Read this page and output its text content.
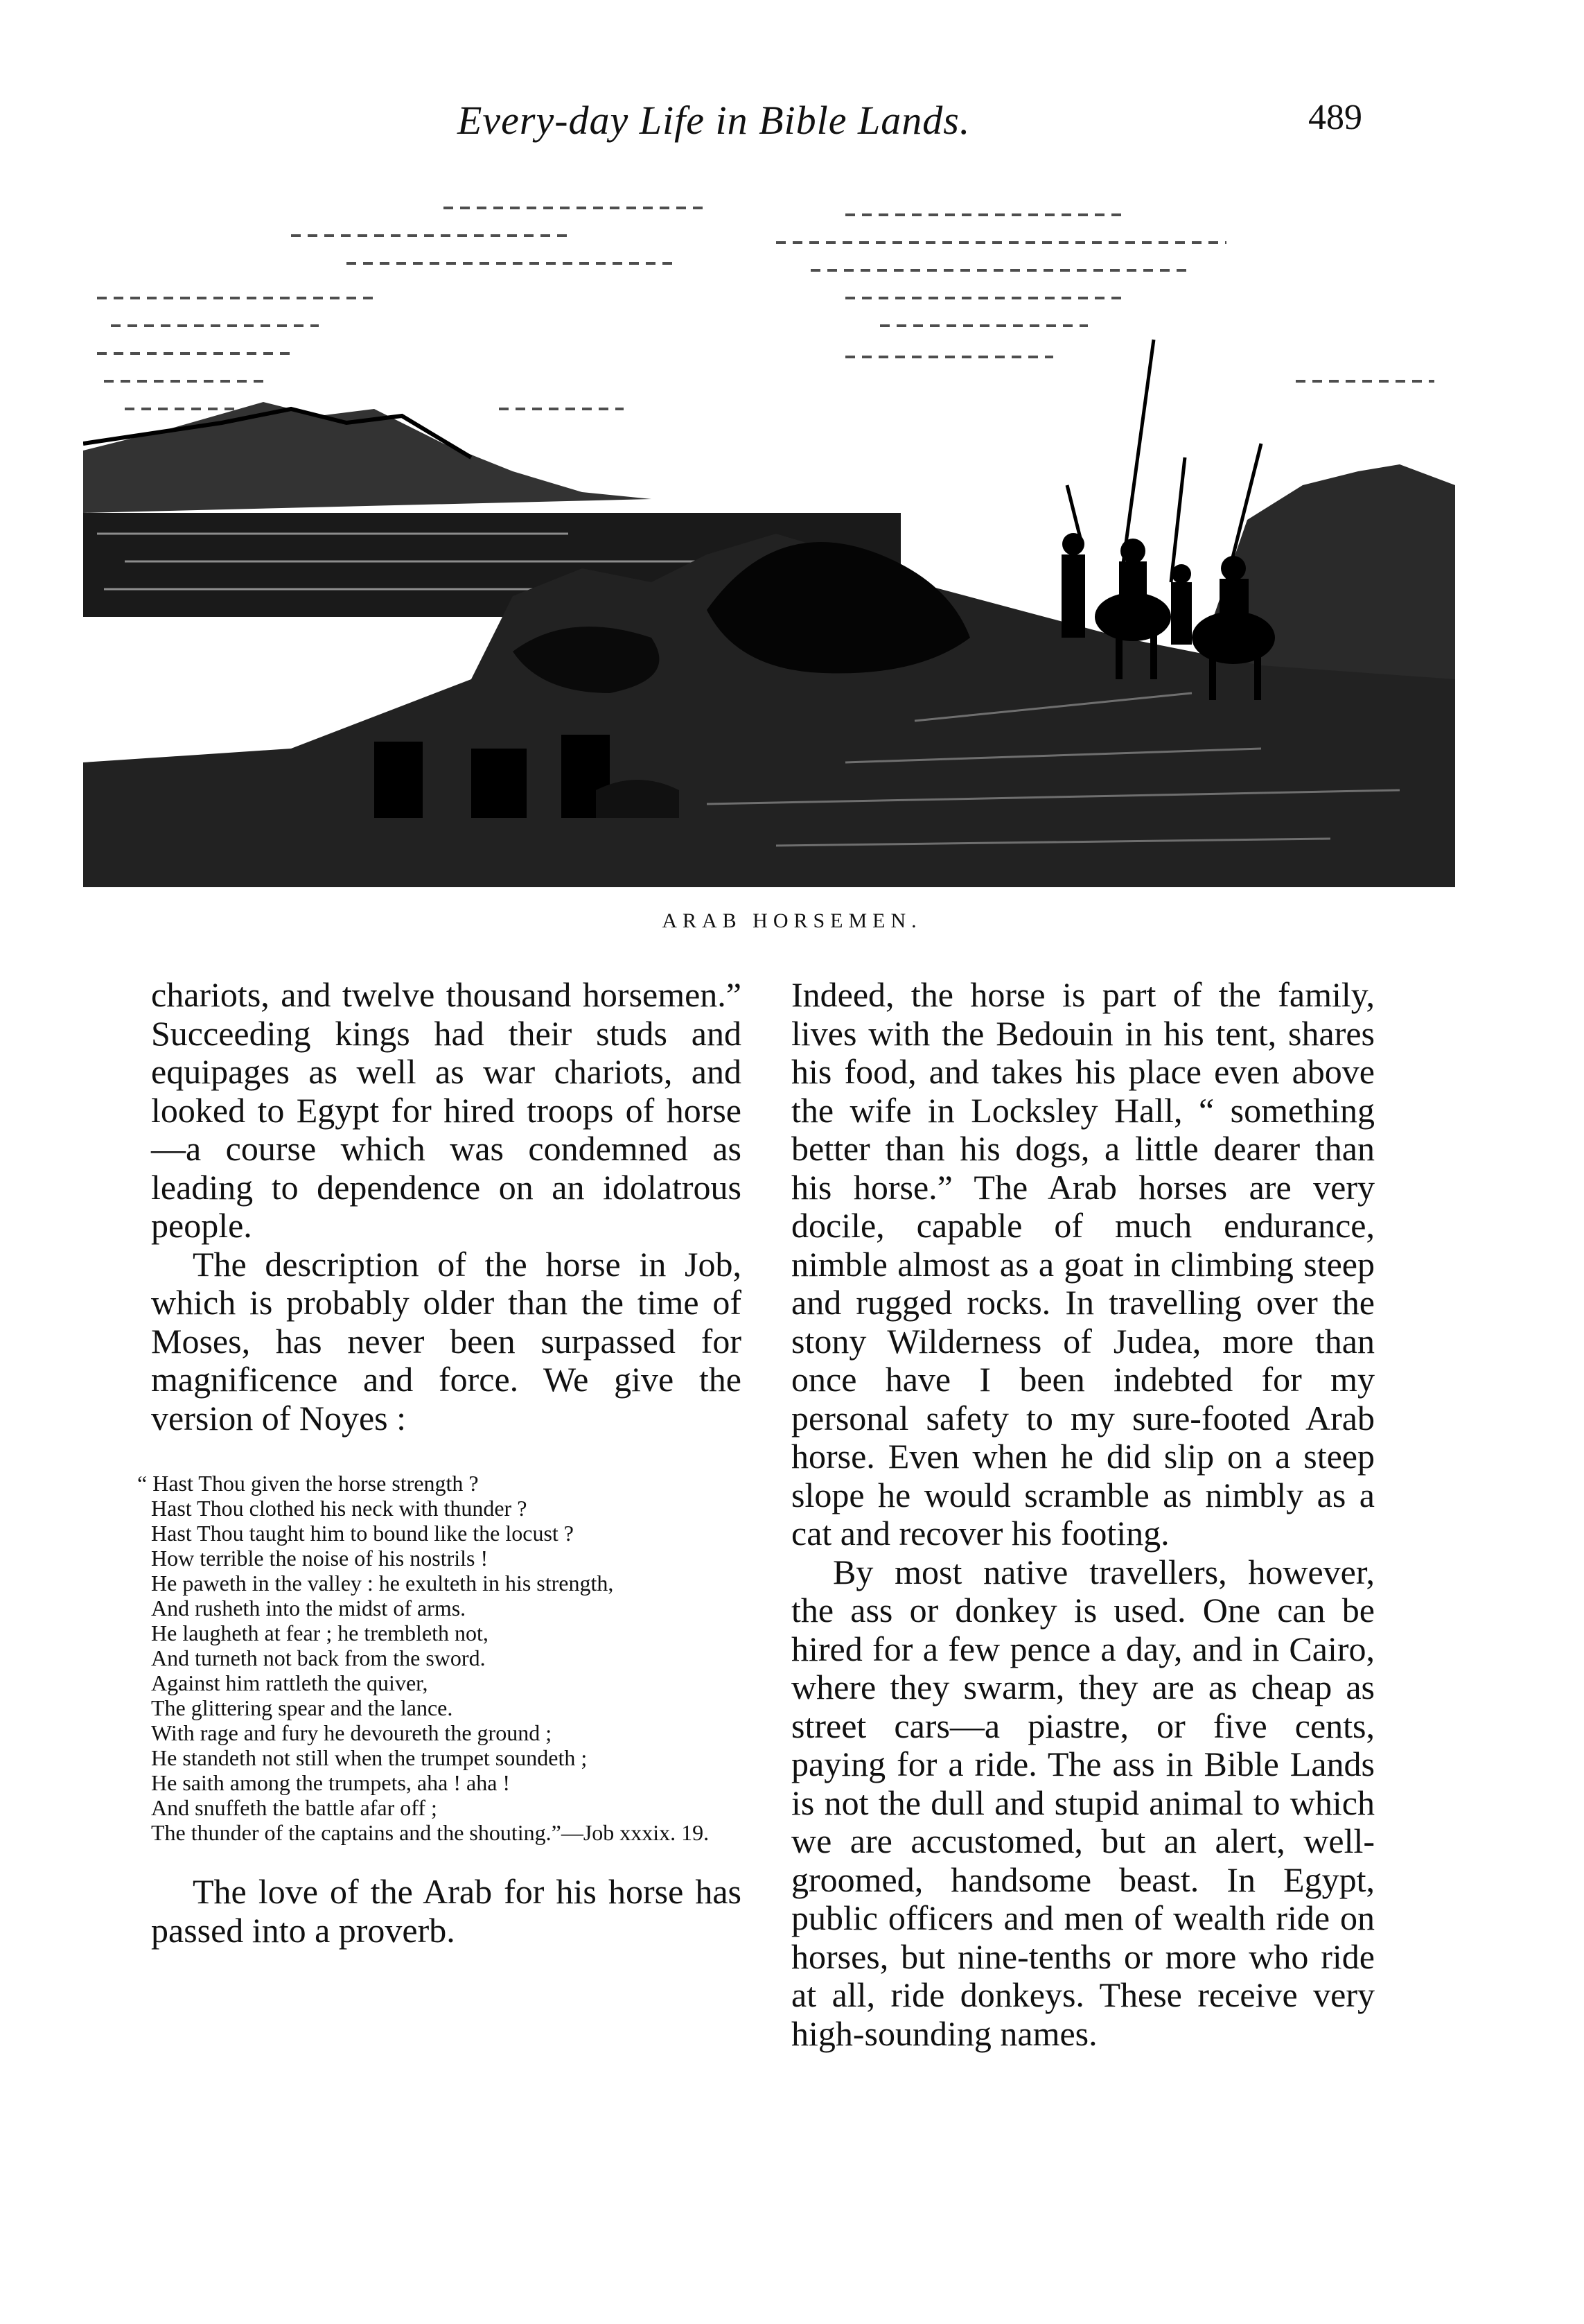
Every-day Life in Bible Lands.	489
ARAB HORSEMEN.

chariots, and twelve thousand horsemen.” Succeeding kings had their studs and equipages as well as war chariots, and looked to Egypt for hired troops of horse—a course which was condemned as leading to dependence on an idolatrous people.

The description of the horse in Job, which is probably older than the time of Moses, has never been surpassed for magnificence and force. We give the version of Noyes :

“ Hast Thou given the horse strength ?
Hast Thou clothed his neck with thunder ?
Hast Thou taught him to bound like the locust ?
How terrible the noise of his nostrils !
He paweth in the valley : he exulteth in his strength,
And rusheth into the midst of arms.
He laugheth at fear ; he trembleth not,
And turneth not back from the sword.
Against him rattleth the quiver,
The glittering spear and the lance.
With rage and fury he devoureth the ground ;
He standeth not still when the trumpet soundeth ;
He saith among the trumpets, aha ! aha !
And snuffeth the battle afar off ;
The thunder of the captains and the shouting.”—Job xxxix. 19.

The love of the Arab for his horse has passed into a proverb.

Indeed, the horse is part of the family, lives with the Bedouin in his tent, shares his food, and takes his place even above the wife in Locksley Hall, “ something better than his dogs, a little dearer than his horse.” The Arab horses are very docile, capable of much endurance, nimble almost as a goat in climbing steep and rugged rocks. In travelling over the stony Wilderness of Judea, more than once have I been indebted for my personal safety to my sure-footed Arab horse. Even when he did slip on a steep slope he would scramble as nimbly as a cat and recover his footing.

By most native travellers, however, the ass or donkey is used. One can be hired for a few pence a day, and in Cairo, where they swarm, they are as cheap as street cars—a piastre, or five cents, paying for a ride. The ass in Bible Lands is not the dull and stupid animal to which we are accustomed, but an alert, well-groomed, handsome beast. In Egypt, public officers and men of wealth ride on horses, but nine-tenths or more who ride at all, ride donkeys. These receive very high-sounding names.
